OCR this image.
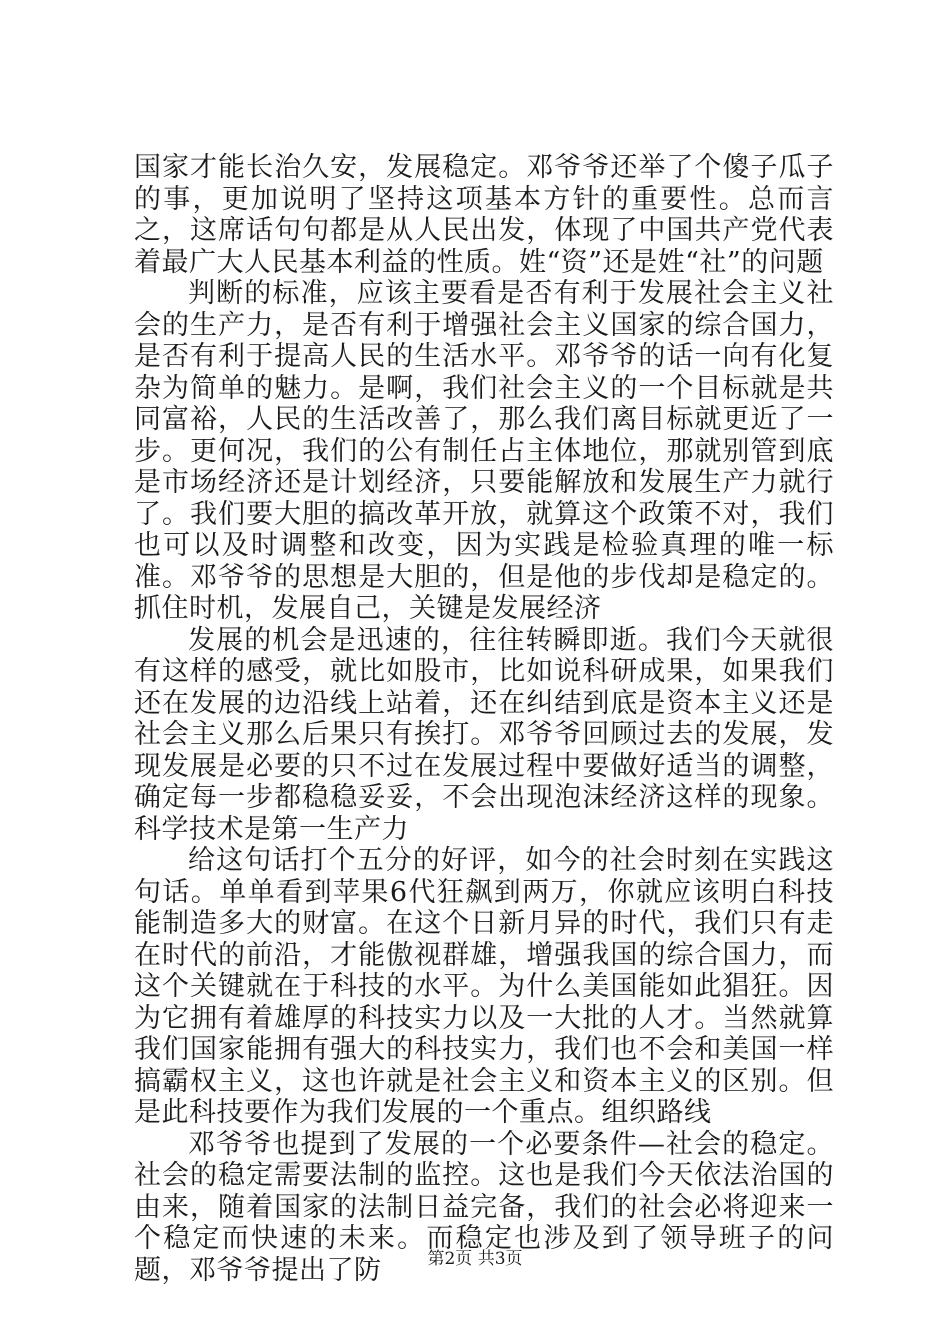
国家才能长治久安，发展稳定。邓爷爷还举了个傻子瓜子的事，更加说明了坚持这项基本方针的重要性。总而言之，这席话句句都是从人民出发，体现了中国共产党代表着最广大人民基本利益的性质。姓“资”还是姓“社”的问题

判断的标准，应该主要看是否有利于发展社会主义社会的生产力，是否有利于增强社会主义国家的综合国力，是否有利于提高人民的生活水平。邓爷爷的话一向有化复杂为简单的魅力。是啊，我们社会主义的一个目标就是共同富裕，人民的生活改善了，那么我们离目标就更近了一步。更何况，我们的公有制任占主体地位，那就别管到底是市场经济还是计划经济，只要能解放和发展生产力就行了。我们要大胆的搞改革开放，就算这个政策不对，我们也可以及时调整和改变，因为实践是检验真理的唯一标准。邓爷爷的思想是大胆的，但是他的步伐却是稳定的。抓住时机，发展自己，关键是发展经济

发展的机会是迅速的，往往转瞬即逝。我们今天就很有这样的感受，就比如股市，比如说科研成果，如果我们还在发展的边沿线上站着，还在纠结到底是资本主义还是社会主义那么后果只有挨打。邓爷爷回顾过去的发展，发现发展是必要的只不过在发展过程中要做好适当的调整，确定每一步都稳稳妥妥，不会出现泡沫经济这样的现象。科学技术是第一生产力

给这句话打个五分的好评，如今的社会时刻在实践这句话。单单看到苹果6代狂飙到两万，你就应该明白科技能制造多大的财富。在这个日新月异的时代，我们只有走在时代的前沿，才能傲视群雄，增强我国的综合国力，而这个关键就在于科技的水平。为什么美国能如此猖狂。因为它拥有着雄厚的科技实力以及一大批的人才。当然就算我们国家能拥有强大的科技实力，我们也不会和美国一样搞霸权主义，这也许就是社会主义和资本主义的区别。但是此科技要作为我们发展的一个重点。组织路线

邓爷爷也提到了发展的一个必要条件—社会的稳定。社会的稳定需要法制的监控。这也是我们今天依法治国的由来，随着国家的法制日益完备，我们的社会必将迎来一个稳定而快速的未来。而稳定也涉及到了领导班子的问题，邓爷爷提出了防	第2页 共3页
